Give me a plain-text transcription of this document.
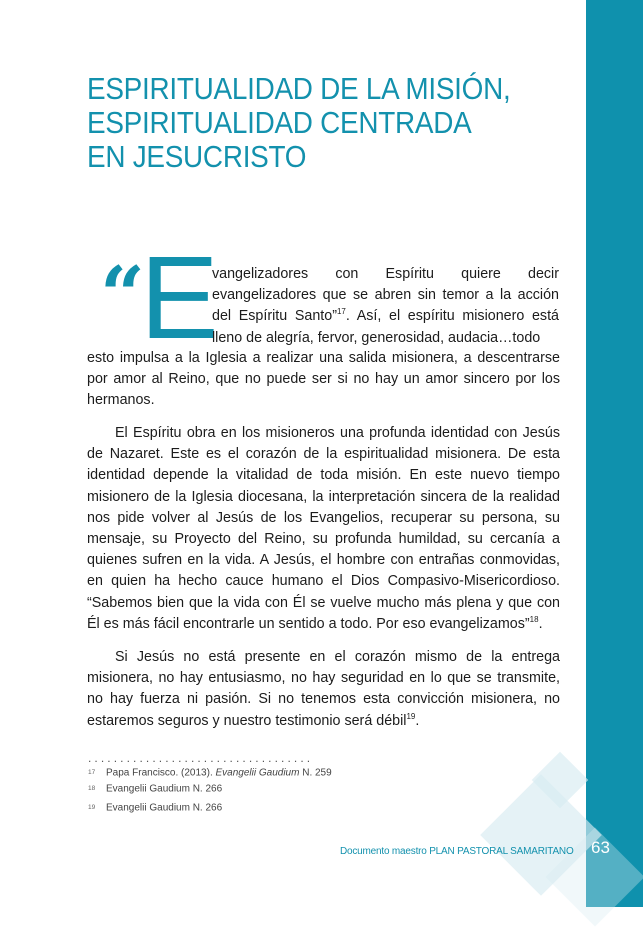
ESPIRITUALIDAD DE LA MISIÓN,
ESPIRITUALIDAD CENTRADA
EN JESUCRISTO
“
E

vangelizadores con Espíritu quiere decir evangelizadores que se abren sin temor a la acción del Espíritu Santo”$^{17}$. Así, el espíritu misionero está lleno de alegría, fervor, generosidad, audacia…todo

esto impulsa a la Iglesia a realizar una salida misionera, a descentrarse por amor al Reino, que no puede ser si no hay un amor sincero por los hermanos.

El Espíritu obra en los misioneros una profunda identidad con Jesús de Nazaret. Este es el corazón de la espiritualidad misionera. De esta identidad depende la vitalidad de toda misión. En este nuevo tiempo misionero de la Iglesia diocesana, la interpretación sincera de la realidad nos pide volver al Jesús de los Evangelios, recuperar su persona, su mensaje, su Proyecto del Reino, su profunda humildad, su cercanía a quienes sufren en la vida. A Jesús, el hombre con entrañas conmovidas, en quien ha hecho cauce humano el Dios Compasivo-Misericordioso. “Sabemos bien que la vida con Él se vuelve mucho más plena y que con Él es más fácil encontrarle un sentido a todo. Por eso evangelizamos”$^{18}$.

Si Jesús no está presente en el corazón mismo de la entrega misionera, no hay entusiasmo, no hay seguridad en lo que se transmite, no hay fuerza ni pasión. Si no tenemos esta convicción misionera, no estaremos seguros y nuestro testimonio será débil$^{19}$.

...................................
17 Papa Francisco. (2013). Evangelii Gaudium N. 259
18 Evangelii Gaudium N. 266
19 Evangelii Gaudium N. 266
Documento maestro PLAN PASTORAL SAMARITANO 63
